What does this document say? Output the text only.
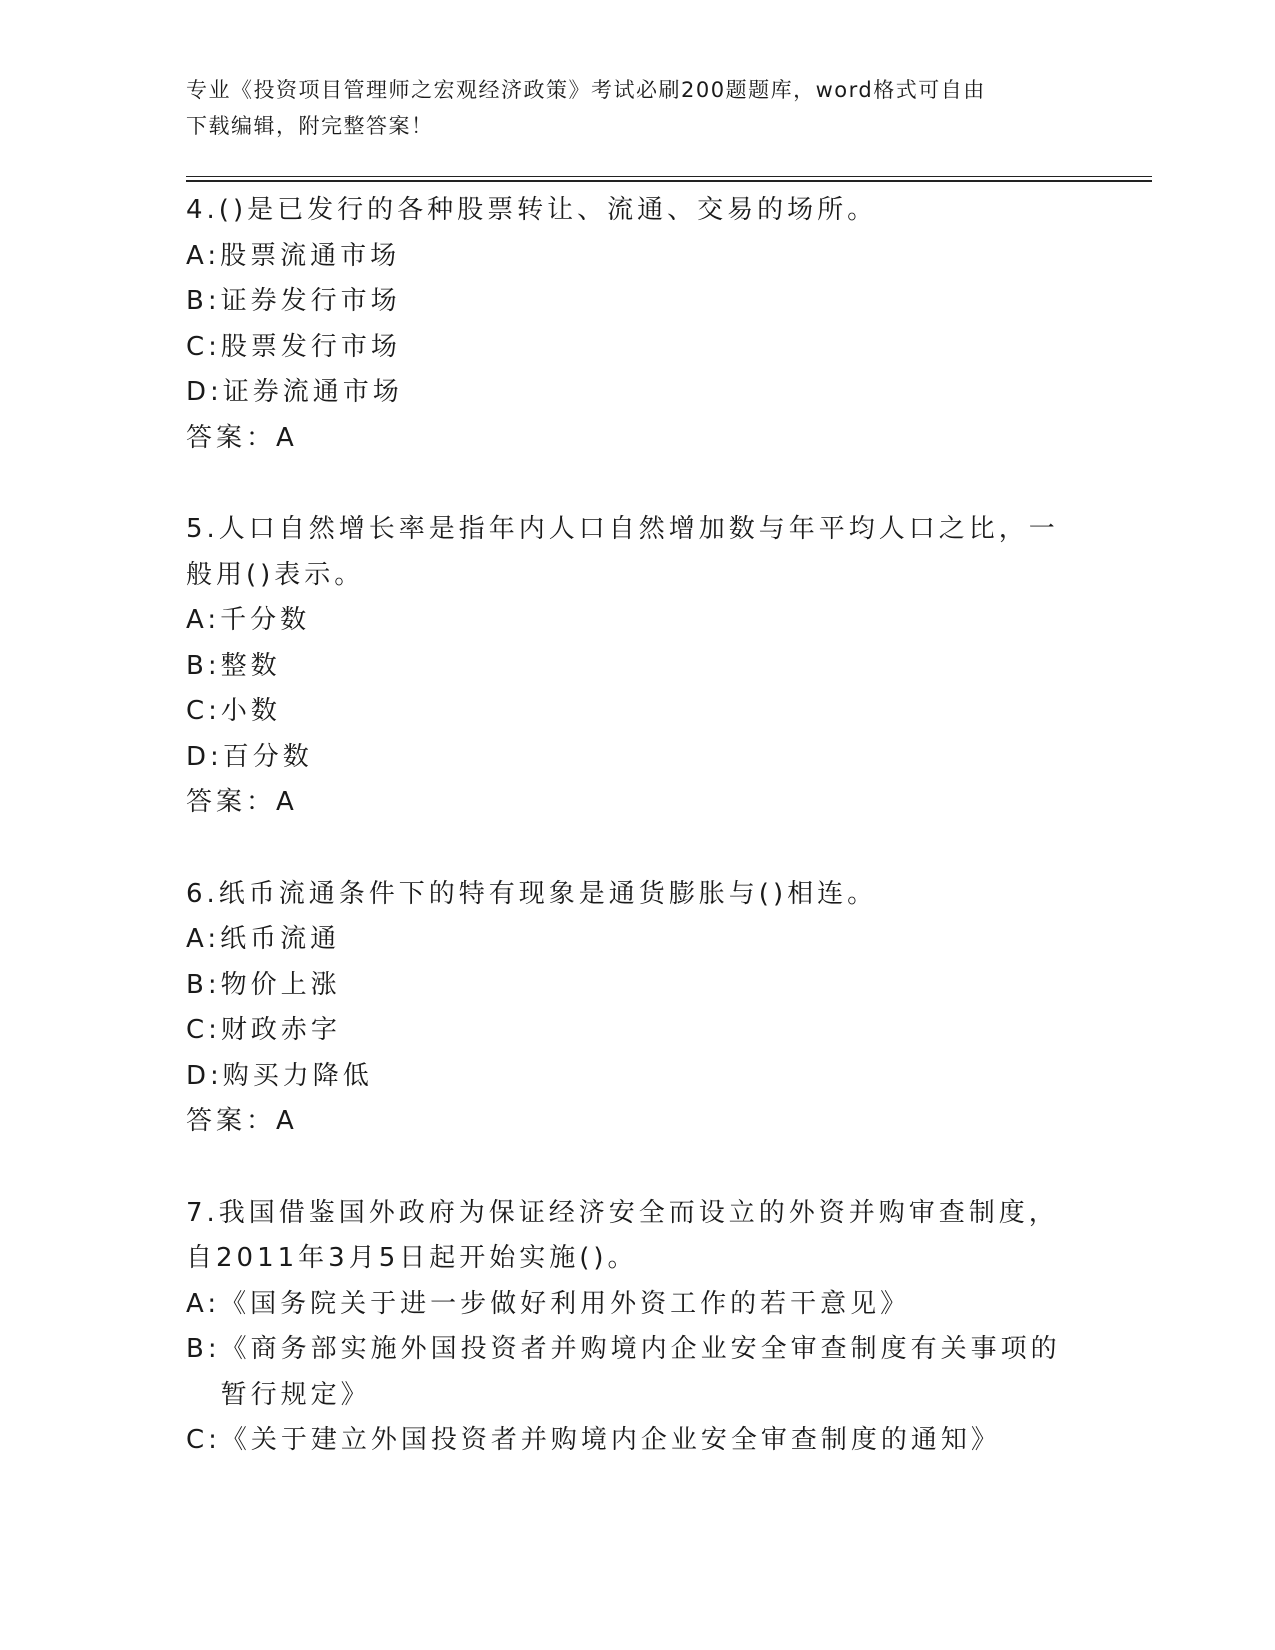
专业《投资项目管理师之宏观经济政策》考试必刷200题题库，word格式可自由
下载编辑，附完整答案！

4.()是已发行的各种股票转让、流通、交易的场所。

A: 股票流通市场
B: 证券发行市场
C: 股票发行市场
D: 证券流通市场

答案：A

5.人口自然增长率是指年内人口自然增加数与年平均人口之比，一般用()表示。

A: 千分数
B: 整数
C: 小数
D: 百分数

答案：A

6.纸币流通条件下的特有现象是通货膨胀与()相连。

A: 纸币流通
B: 物价上涨
C: 财政赤字
D: 购买力降低

答案：A

7.我国借鉴国外政府为保证经济安全而设立的外资并购审查制度，自2011年3月5日起开始实施()。

A: 《国务院关于进一步做好利用外资工作的若干意见》
B: 《商务部实施外国投资者并购境内企业安全审查制度有关事项的暂行规定》
C: 《关于建立外国投资者并购境内企业安全审查制度的通知》
